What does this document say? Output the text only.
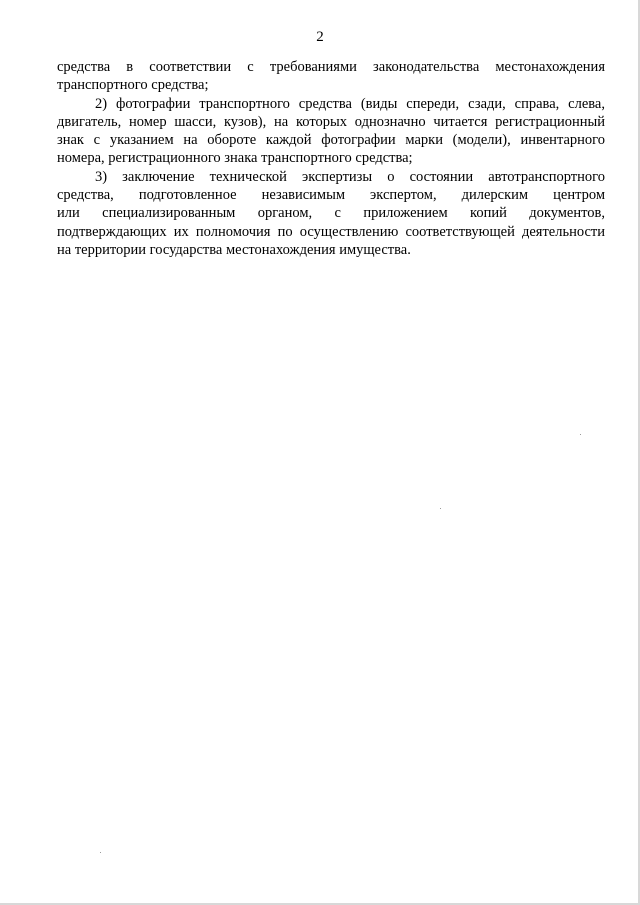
2

средства в соответствии с требованиями законодательства местонахождения
транспортного средства;

2) фотографии транспортного средства (виды спереди, сзади, справа, слева,
двигатель, номер шасси, кузов), на которых однозначно читается регистрационный
знак с указанием на обороте каждой фотографии марки (модели), инвентарного
номера, регистрационного знака транспортного средства;

3) заключение технической экспертизы о состоянии автотранспортного
средства, подготовленное независимым экспертом, дилерским центром
или специализированным органом, с приложением копий документов,
подтверждающих их полномочия по осуществлению соответствующей деятельности
на территории государства местонахождения имущества.
